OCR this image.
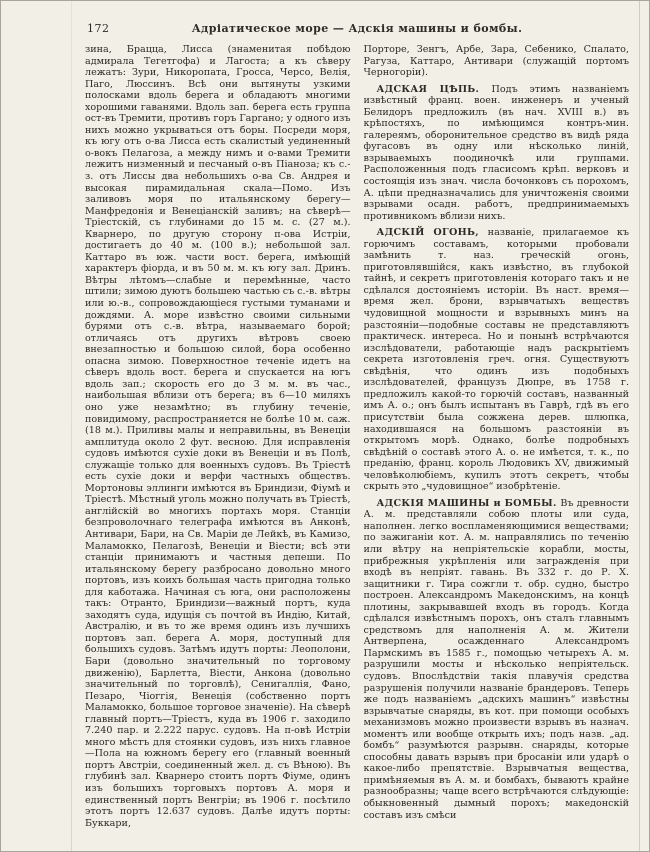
172	Адріатическое море — Адскія машины и бомбы.

зина, Брацца, Лисса (знаменитая побѣдою адмирала Тегетгофа) и Лагоста; а къ сѣверу лежатъ: Зури, Никоропата, Гросса, Черсо, Велія, Паго, Люссинъ. Всѣ они вытянуты узкими полосками вдоль берега и обладаютъ многими хорошими гаванями. Вдоль зап. берега есть группа ост-въ Тремити, противъ горъ Гаргано; у одного изъ нихъ можно укрываться отъ боры. Посреди моря, къ югу отъ о-ва Лисса есть скалистый уединенный о-вокъ Пелагоза, а между нимъ и о-вами Тремити лежитъ низменный и песчаный о-въ Піаноза; къ с.-з. отъ Лиссы два небольшихъ о-ва Св. Андрея и высокая пирамидальная скала—Помо. Изъ заливовъ моря по итальянскому берегу—Манфредонія и Венеціанскій заливъ; на сѣверѣ—Тріестскій, съ глубинами до 15 м. с. (27 м.). Кварнеро, по другую сторону п-ова Истріи, достигаетъ до 40 м. (100 в.); небольшой зал. Каттаро въ юж. части вост. берега, имѣющій характеръ фіорда, и въ 50 м. м. къ югу зал. Дринъ. Вѣтры лѣтомъ—слабые и перемѣнные, часто штили; зимою дуютъ большею частью съ с.-в. вѣтры или ю.-в., сопровождающіеся густыми туманами и дождями. А. море извѣстно своими сильными бурями отъ с.-в. вѣтра, называемаго борой; отличаясь отъ другихъ вѣтровъ своею внезапностью и большою силой, бора особенно опасна зимою. Поверхностное теченіе идетъ на сѣверъ вдоль вост. берега и спускается на югъ вдоль зап.; скорость его до 3 м. м. въ час., наибольшая вблизи отъ берега; въ 6—10 миляхъ оно уже незамѣтно; въ глубину теченіе, повидимому, распространяется не болѣе 10 м. саж. (18 м.). Приливы малы и неправильны, въ Венеціи амплитуда около 2 фут. весною. Для исправленія судовъ имѣются сухіе доки въ Венеціи и въ Полѣ, служащіе только для военныхъ судовъ. Въ Тріестѣ есть сухіе доки и верфи частныхъ обществъ. Мортоновы эллинги имѣются въ Бриндизи, Фіумѣ и Тріестѣ. Мѣстный уголь можно получать въ Тріестѣ, англійскій во многихъ портахъ моря. Станціи безпроволочнаго телеграфа имѣются въ Анконѣ, Антивари, Бари, на Св. Маріи де Лейкѣ, въ Камизо, Маламокко, Пелагозѣ, Венеціи и Віести; всѣ эти станціи принимаютъ и частныя депеши. По итальянскому берегу разбросано довольно много портовъ, изъ коихъ большая часть пригодна только для каботажа. Начиная съ юга, они расположены такъ: Отранто, Бриндизи—важный портъ, куда заходятъ суда, идущія съ почтой въ Индію, Китай, Австралію, и въ то же время одинъ изъ лучшихъ портовъ зап. берега А. моря, доступный для большихъ судовъ. Затѣмъ идутъ порты: Леополони, Бари (довольно значительный по торговому движенію), Барлетта, Віести, Анкона (довольно значительный по торговлѣ), Сенигаллія, Фано, Пезаро, Чіоггія, Венеція (собственно портъ Маламокко, большое торговое значеніе). На сѣверѣ главный портъ—Тріестъ, куда въ 1906 г. заходило 7.240 пар. и 2.222 парус. судовъ. На п-овѣ Истріи много мѣстъ для стоянки судовъ, изъ нихъ главное—Пола на южномъ берегу его (главный военный портъ Австріи, соединенный жел. д. съ Вѣною). Въ глубинѣ зал. Кварнеро стоитъ портъ Фіуме, одинъ изъ большихъ торговыхъ портовъ А. моря и единственный портъ Венгріи; въ 1906 г. посѣтило этотъ портъ 12.637 судовъ. Далѣе идутъ порты: Буккари,

Порторе, Зенгъ, Арбе, Зара, Себенико, Спалато, Рагуза, Каттаро, Антивари (служащій портомъ Черногоріи).

АДСКАЯ ЦѢПЬ. Подъ этимъ названіемъ извѣстный франц. воен. инженеръ и ученый Белидоръ предложилъ (въ нач. XVIII в.) въ крѣпостяхъ, по имѣющимся контръ-мин. галереямъ, оборонительное средство въ видѣ ряда фугасовъ въ одну или нѣсколько линій, взрываемыхъ поодиночкѣ или группами. Расположенныя подъ гласисомъ крѣп. верковъ и состоящія изъ знач. числа бочонковъ съ порохомъ, А. цѣпи предназначались для уничтоженія своими взрывами осадн. работъ, предпринимаемыхъ противникомъ вблизи нихъ.

АДСКІЙ ОГОНЬ, названіе, прилагаемое къ горючимъ составамъ, которыми пробовали замѣнить т. наз. греческій огонь, приготовлявшійся, какъ извѣстно, въ глубокой тайнѣ, и секретъ приготовленія котораго такъ и не сдѣлался достояніемъ исторіи. Въ наст. время—время жел. брони, взрывчатыхъ веществъ чудовищной мощности и взрывныхъ минъ на разстояніи—подобные составы не представляютъ практическ. интереса. Но и понынѣ встрѣчаются изслѣдователи, работающіе надъ раскрытіемъ секрета изготовленія греч. огня. Существуютъ свѣдѣнія, что одинъ изъ подобныхъ изслѣдователей, французъ Дюпре, въ 1758 г. предложилъ какой-то горючій составъ, названный имъ А. о.; онъ былъ испытанъ въ Гаврѣ, гдѣ въ его присутствіи была сожжена дерев. шлюпка, находившаяся на большомъ разстояніи въ открытомъ морѣ. Однако, болѣе подробныхъ свѣдѣній о составѣ этого А. о. не имѣется, т. к., по преданію, франц. король Людовикъ XV, движимый человѣколюбіемъ, купилъ этотъ секретъ, чтобы скрыть это „чудовищное“ изобрѣтеніе.

АДСКІЯ МАШИНЫ и БОМБЫ. Въ древности А. м. представляли собою плоты или суда, наполнен. легко воспламеняющимися веществами; по зажиганіи кот. А. м. направлялись по теченію или вѣтру на непріятельскіе корабли, мосты, прибрежныя укрѣпленія или загражденія при входѣ въ непріят. гавань. Въ 332 г. до Р. X. защитники г. Тира сожгли т. обр. судно, быстро построен. Александромъ Македонскимъ, на концѣ плотины, закрывавшей входъ въ городъ. Когда сдѣлался извѣстнымъ порохъ, онъ сталъ главнымъ средствомъ для наполненія А. м. Жители Антверпена, осажденнаго Александромъ Пармскимъ въ 1585 г., помощью четырехъ А. м. разрушили мосты и нѣсколько непріятельск. судовъ. Впослѣдствіи такія плавучія средства разрушенія получили названіе брандеровъ. Теперь же подъ названіемъ „адскихъ машинъ“ извѣстны взрывчатые снаряды, въ кот. при помощи особыхъ механизмовъ можно произвести взрывъ въ назнач. моментъ или вообще открыть ихъ; подъ назв. „ад. бомбъ“ разумѣются разрывн. снаряды, которые способны давать взрывъ при бросаніи или ударѣ о какое-либо препятствіе. Взрывчатыя вещества, примѣняемыя въ А. м. и бомбахъ, бываютъ крайне разнообразны; чаще всего встрѣчаются слѣдующіе: обыкновенный дымный порохъ; македонскій составъ изъ смѣси
